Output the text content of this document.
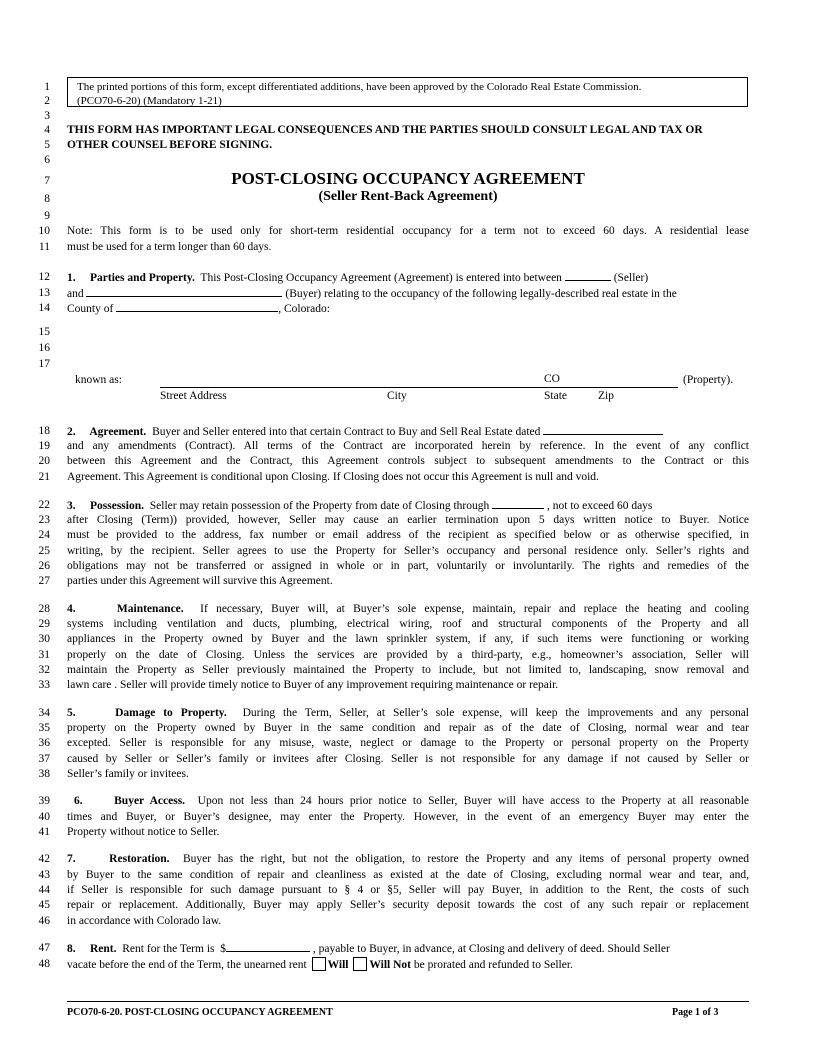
1
2
3
4
5
6
7
8
9
10
11
12
13
14
15
16
17
18
19
20
21
22
23
24
25
26
27
28
29
30
31
32
33
34
35
36
37
38
39
40
41
42
43
44
45
46
47
48
The printed portions of this form, except differentiated additions, have been approved by the Colorado Real Estate Commission.
(PCO70-6-20) (Mandatory 1-21)
THIS FORM HAS IMPORTANT LEGAL CONSEQUENCES AND THE PARTIES SHOULD CONSULT LEGAL AND TAX OR
OTHER COUNSEL BEFORE SIGNING.
POST-CLOSING OCCUPANCY AGREEMENT
(Seller Rent-Back Agreement)
Note: This form is to be used only for short-term residential occupancy for a term not to exceed 60 days. A residential lease
must be used for a term longer than 60 days.
1.     Parties and Property.  This Post-Closing Occupancy Agreement (Agreement) is entered into between	(Seller)
and	(Buyer) relating to the occupancy of the following legally-described real estate in the
County of	, Colorado:
known as:	CO	(Property).
Street Address	City	State	Zip
2.     Agreement.  Buyer and Seller entered into that certain Contract to Buy and Sell Real Estate dated
and any amendments (Contract). All terms of the Contract are incorporated herein by reference. In the event of any conflict
between this Agreement and the Contract, this Agreement controls subject to subsequent amendments to the Contract or this
Agreement. This Agreement is conditional upon Closing. If Closing does not occur this Agreement is null and void.
3.     Possession.  Seller may retain possession of the Property from date of Closing through	, not to exceed 60 days
after Closing (Term)) provided, however, Seller may cause an earlier termination upon 5 days written notice to Buyer. Notice
must be provided to the address, fax number or email address of the recipient as specified below or as otherwise specified, in
writing, by the recipient. Seller agrees to use the Property for Seller’s occupancy and personal residence only. Seller’s rights and
obligations may not be transferred or assigned in whole or in part, voluntarily or involuntarily. The rights and remedies of the
parties under this Agreement will survive this Agreement.
4.     Maintenance.  If necessary, Buyer will, at Buyer’s sole expense, maintain, repair and replace the heating and cooling
systems including ventilation and ducts, plumbing, electrical wiring, roof and structural components of the Property and all
appliances in the Property owned by Buyer and the lawn sprinkler system, if any, if such items were functioning or working
properly on the date of Closing. Unless the services are provided by a third-party, e.g., homeowner’s association, Seller will
maintain the Property as Seller previously maintained the Property to include, but not limited to, landscaping, snow removal and
lawn care . Seller will provide timely notice to Buyer of any improvement requiring maintenance or repair.
5.     Damage to Property.  During the Term, Seller, at Seller’s sole expense, will keep the improvements and any personal
property on the Property owned by Buyer in the same condition and repair as of the date of Closing, normal wear and tear
excepted. Seller is responsible for any misuse, waste, neglect or damage to the Property or personal property on the Property
caused by Seller or Seller’s family or invitees after Closing. Seller is not responsible for any damage if not caused by Seller or
Seller’s family or invitees.
6.     Buyer Access.  Upon not less than 24 hours prior notice to Seller, Buyer will have access to the Property at all reasonable
times and Buyer, or Buyer’s designee, may enter the Property. However, in the event of an emergency Buyer may enter the
Property without notice to Seller.
7.     Restoration.  Buyer has the right, but not the obligation, to restore the Property and any items of personal property owned
by Buyer to the same condition of repair and cleanliness as existed at the date of Closing, excluding normal wear and tear, and,
if Seller is responsible for such damage pursuant to § 4 or §5, Seller will pay Buyer, in addition to the Rent, the costs of such
repair or replacement. Additionally, Buyer may apply Seller’s security deposit towards the cost of any such repair or replacement
in accordance with Colorado law.
8.     Rent.  Rent for the Term is  $	, payable to Buyer, in advance, at Closing and delivery of deed. Should Seller
vacate before the end of the Term, the unearned rent Will Will Not be prorated and refunded to Seller.
PCO70-6-20. POST-CLOSING OCCUPANCY AGREEMENT	Page 1 of 3
